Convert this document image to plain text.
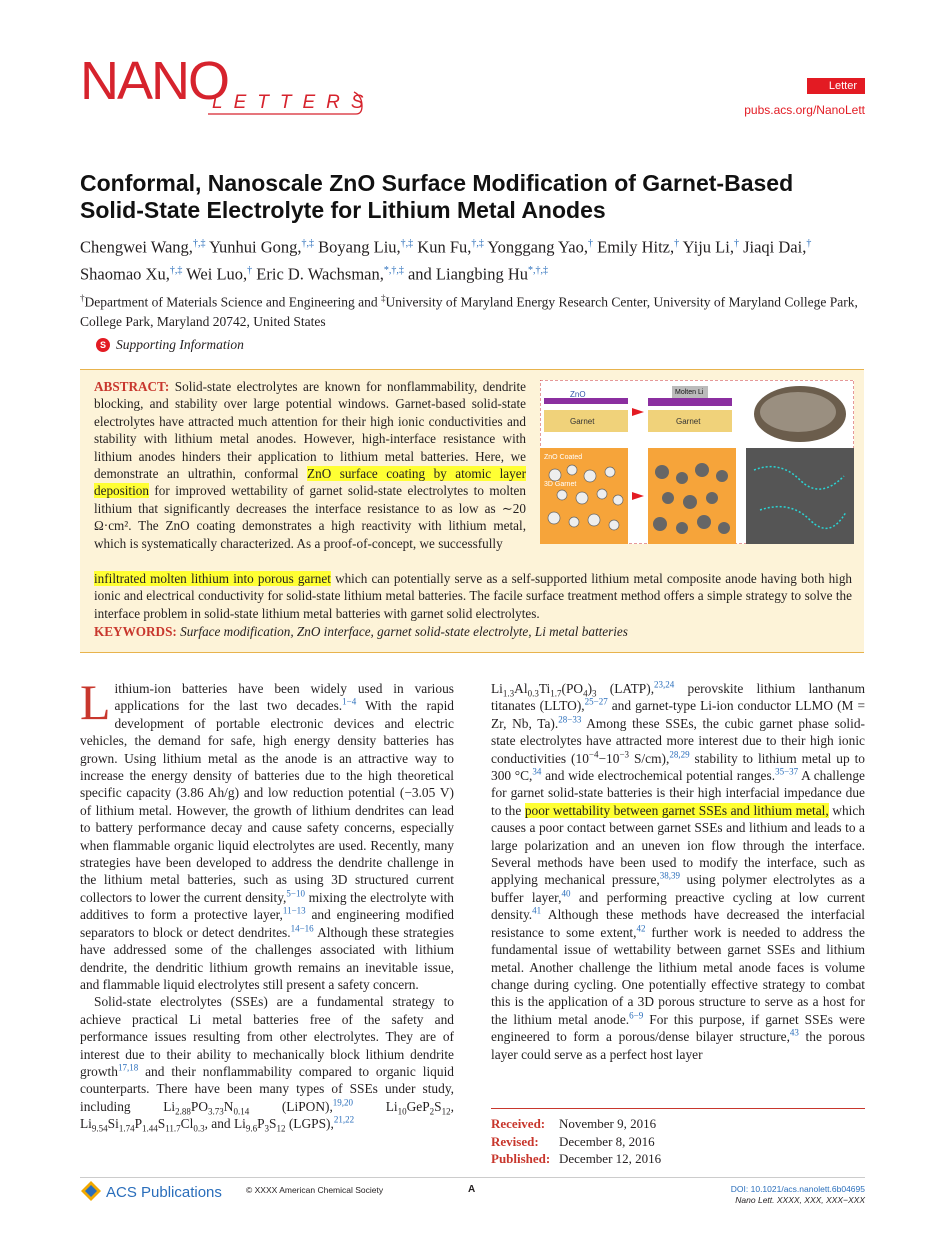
NANO
LETTERS
Letter
pubs.acs.org/NanoLett
Conformal, Nanoscale ZnO Surface Modification of Garnet-Based
Solid-State Electrolyte for Lithium Metal Anodes
Chengwei Wang,†,‡ Yunhui Gong,†,‡ Boyang Liu,†,‡ Kun Fu,†,‡ Yonggang Yao,† Emily Hitz,† Yiju Li,† Jiaqi Dai,† Shaomao Xu,†,‡ Wei Luo,† Eric D. Wachsman,*,†,‡ and Liangbing Hu*,†,‡
†Department of Materials Science and Engineering and ‡University of Maryland Energy Research Center, University of Maryland College Park, College Park, Maryland 20742, United States
S Supporting Information
ABSTRACT: Solid-state electrolytes are known for nonflammability, dendrite blocking, and stability over large potential windows. Garnet-based solid-state electrolytes have attracted much attention for their high ionic conductivities and stability with lithium metal anodes. However, high-interface resistance with lithium anodes hinders their application to lithium metal batteries. Here, we demonstrate an ultrathin, conformal ZnO surface coating by atomic layer deposition for improved wettability of garnet solid-state electrolytes to molten lithium that significantly decreases the interface resistance to as low as ∼20 Ω·cm². The ZnO coating demonstrates a high reactivity with lithium metal, which is systematically characterized. As a proof-of-concept, we successfully
infiltrated molten lithium into porous garnet which can potentially serve as a self-supported lithium metal composite anode having both high ionic and electrical conductivity for solid-state lithium metal batteries. The facile surface treatment method offers a simple strategy to solve the interface problem in solid-state lithium metal batteries with garnet solid electrolytes.
ZnO
Garnet
Molten Li
Garnet
ZnO Coated
3D Garnet
KEYWORDS: Surface modification, ZnO interface, garnet solid-state electrolyte, Li metal batteries
Lithium-ion batteries have been widely used in various applications for the last two decades.$^{1-4}$ With the rapid development of portable electronic devices and electric vehicles, the demand for safe, high energy density batteries has grown. Using lithium metal as the anode is an attractive way to increase the energy density of batteries due to the high theoretical specific capacity (3.86 Ah/g) and low reduction potential (−3.05 V) of lithium metal. However, the growth of lithium dendrites can lead to battery performance decay and cause safety concerns, especially when flammable organic liquid electrolytes are used. Recently, many strategies have been developed to address the dendrite challenge in the lithium metal batteries, such as using 3D structured current collectors to lower the current density,$^{5-10}$ mixing the electrolyte with additives to form a protective layer,$^{11-13}$ and engineering modified separators to block or detect dendrites.$^{14-16}$ Although these strategies have addressed some of the challenges associated with lithium dendrite, the dendritic lithium growth remains an inevitable issue, and flammable liquid electrolytes still present a safety concern.
Solid-state electrolytes (SSEs) are a fundamental strategy to achieve practical Li metal batteries free of the safety and performance issues resulting from other electrolytes. They are of interest due to their ability to mechanically block lithium dendrite growth$^{17,18}$ and their nonflammability compared to organic liquid counterparts. There have been many types of SSEs under study, including $Li_{2.88}PO_{3.73}N_{0.14}$ (LiPON),$^{19,20}$ $Li_{10}GeP_2S_{12}$, $Li_{9.54}Si_{1.74}P_{1.44}S_{11.7}Cl_{0.3}$, and $Li_{9.6}P_3S_{12}$ (LGPS),$^{21,22}$
$Li_{1.3}Al_{0.3}Ti_{1.7}(PO_4)_3$ (LATP),$^{23,24}$ perovskite lithium lanthanum titanates (LLTO),$^{25-27}$ and garnet-type Li-ion conductor LLMO (M = Zr, Nb, Ta).$^{28-33}$ Among these SSEs, the cubic garnet phase solid-state electrolytes have attracted more interest due to their high ionic conductivities ($10^{-4}-10^{-3}$ S/cm),$^{28,29}$ stability to lithium metal up to 300 °C,$^{34}$ and wide electrochemical potential ranges.$^{35-37}$ A challenge for garnet solid-state batteries is their high interfacial impedance due to the poor wettability between garnet SSEs and lithium metal, which causes a poor contact between garnet SSEs and lithium and leads to a large polarization and an uneven ion flow through the interface. Several methods have been used to modify the interface, such as applying mechanical pressure,$^{38,39}$ using polymer electrolytes as a buffer layer,$^{40}$ and performing preactive cycling at low current density.$^{41}$ Although these methods have decreased the interfacial resistance to some extent,$^{42}$ further work is needed to address the fundamental issue of wettability between garnet SSEs and lithium metal. Another challenge the lithium metal anode faces is volume change during cycling. One potentially effective strategy to combat this is the application of a 3D porous structure to serve as a host for the lithium metal anode.$^{6-9}$ For this purpose, if garnet SSEs were engineered to form a porous/dense bilayer structure,$^{43}$ the porous layer could serve as a perfect host layer
Received: November 9, 2016
Revised: December 8, 2016
Published: December 12, 2016
ACS Publications	© XXXX American Chemical Society	A	DOI: 10.1021/acs.nanolett.6b04695
Nano Lett. XXXX, XXX, XXX−XXX
